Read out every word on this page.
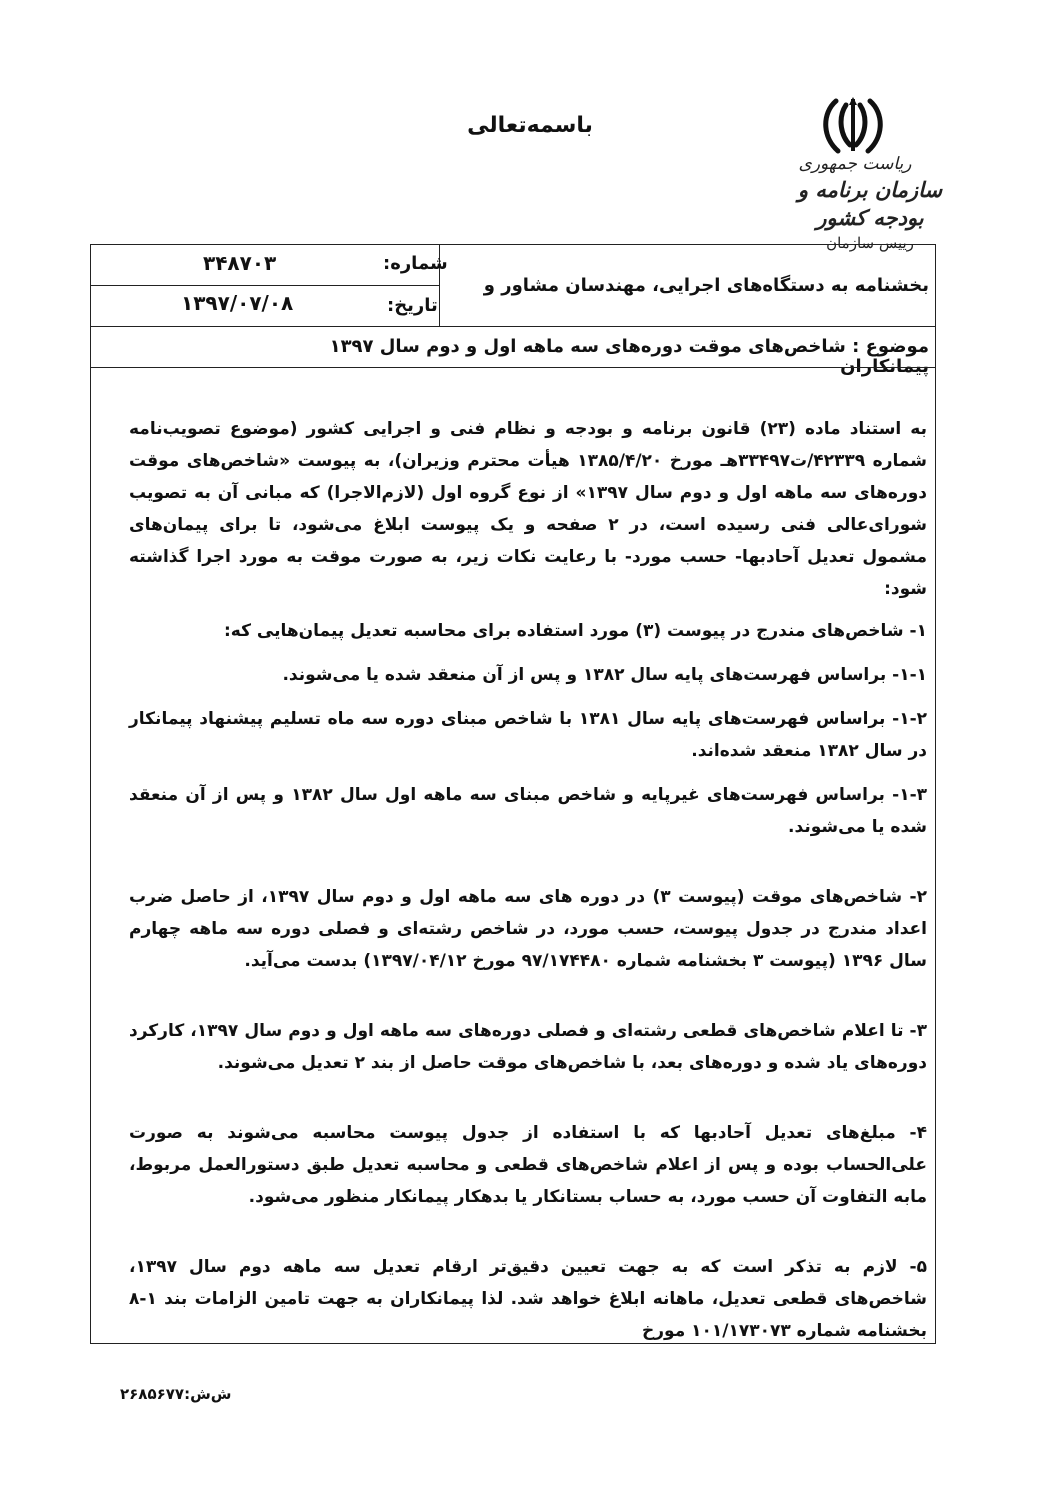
باسمه‌تعالی
ریاست جمهوری
سازمان برنامه و بودجه کشور
رییس سازمان
شماره:
۳۴۸۷۰۳
تاریخ:
۱۳۹۷/۰۷/۰۸
بخشنامه به دستگاه‌های اجرایی، مهندسان مشاور و پیمانکاران
موضوع : شاخص‌های موقت دوره‌های سه ماهه اول و دوم سال ۱۳۹۷

به استناد ماده (۲۳) قانون برنامه و بودجه و نظام فنی و اجرایی کشور (موضوع تصویب‌نامه شماره ۴۲۳۳۹/ت۳۳۴۹۷هـ مورخ ۱۳۸۵/۴/۲۰ هیأت محترم وزیران)، به پیوست «شاخص‌های موقت دوره‌های سه ماهه اول و دوم سال ۱۳۹۷» از نوع گروه اول (لازم‌الاجرا) که مبانی آن به تصویب شورای‌عالی فنی رسیده است، در ۲ صفحه و یک پیوست ابلاغ می‌شود، تا برای پیمان‌های مشمول تعدیل آحادبها- حسب مورد- با رعایت نکات زیر، به صورت موقت به مورد اجرا گذاشته شود:

۱- شاخص‌های مندرج در پیوست (۳) مورد استفاده برای محاسبه تعدیل پیمان‌هایی که:

۱-۱- براساس فهرست‌های پایه سال ۱۳۸۲ و پس از آن منعقد شده یا می‌شوند.

۱-۲- براساس فهرست‌های پایه سال ۱۳۸۱ با شاخص مبنای دوره سه ماه تسلیم پیشنهاد پیمانکار در سال ۱۳۸۲ منعقد شده‌اند.

۱-۳- براساس فهرست‌های غیرپایه و شاخص مبنای سه ماهه اول سال ۱۳۸۲ و پس از آن منعقد شده یا می‌شوند.

۲- شاخص‌های موقت (پیوست ۳) در دوره های سه ماهه اول و دوم سال ۱۳۹۷، از حاصل ضرب اعداد مندرج در جدول پیوست، حسب مورد، در شاخص رشته‌ای و فصلی دوره سه ماهه چهارم سال ۱۳۹۶ (پیوست ۳ بخشنامه شماره ۹۷/۱۷۴۴۸۰ مورخ ۱۳۹۷/۰۴/۱۲) بدست می‌آید.

۳- تا اعلام شاخص‌های قطعی رشته‌ای و فصلی دوره‌های سه ماهه اول و دوم سال ۱۳۹۷، کارکرد دوره‌های یاد شده و دوره‌های بعد، با شاخص‌های موقت حاصل از بند ۲ تعدیل می‌شوند.

۴- مبلغ‌های تعدیل آحادبها که با استفاده از جدول پیوست محاسبه می‌شوند به صورت علی‌الحساب بوده و پس از اعلام شاخص‌های قطعی و محاسبه تعدیل طبق دستورالعمل مربوط، مابه التفاوت آن حسب مورد، به حساب بستانکار یا بدهکار پیمانکار منظور می‌شود.

۵- لازم به تذکر است که به جهت تعیین دقیق‌تر ارقام تعدیل سه ماهه دوم سال ۱۳۹۷، شاخص‌های قطعی تعدیل، ماهانه ابلاغ خواهد شد. لذا پیمانکاران به جهت تامین الزامات بند ۱-۸ بخشنامه شماره ۱۰۱/۱۷۳۰۷۳ مورخ

ش‌ش:۲۶۸۵۶۷۷
